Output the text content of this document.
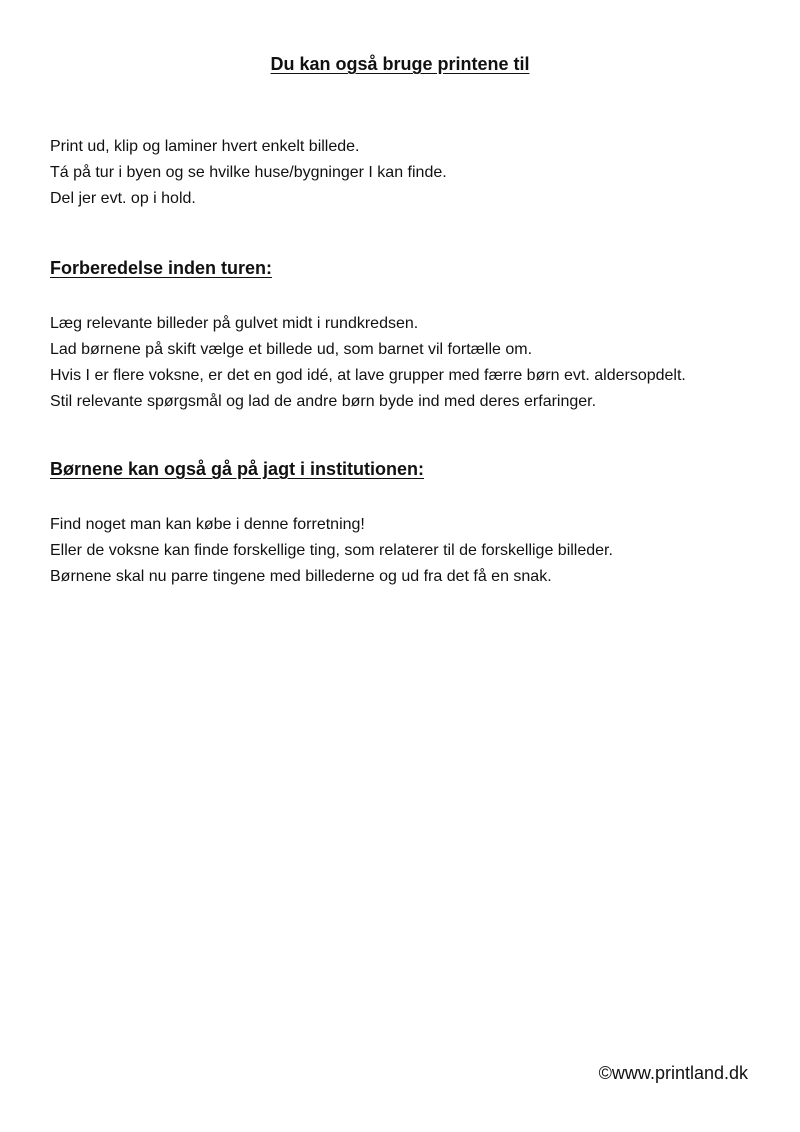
Du kan også bruge printene til

Print ud, klip og laminer hvert enkelt billede.

Tá på tur i byen og se hvilke huse/bygninger I kan finde.

Del jer evt. op i hold.

Forberedelse inden turen:

Læg relevante billeder på gulvet midt i rundkredsen.

Lad børnene på skift vælge et billede ud, som barnet vil fortælle om.

Hvis I er flere voksne, er det en god idé, at lave grupper med færre børn evt. aldersopdelt.

Stil relevante spørgsmål og lad de andre børn byde ind med deres erfaringer.

Børnene kan også gå på jagt i institutionen:

Find noget man kan købe i denne forretning!

Eller de voksne kan finde forskellige ting, som relaterer til de forskellige billeder.

Børnene skal nu parre tingene med billederne og ud fra det få en snak.

©www.printland.dk
